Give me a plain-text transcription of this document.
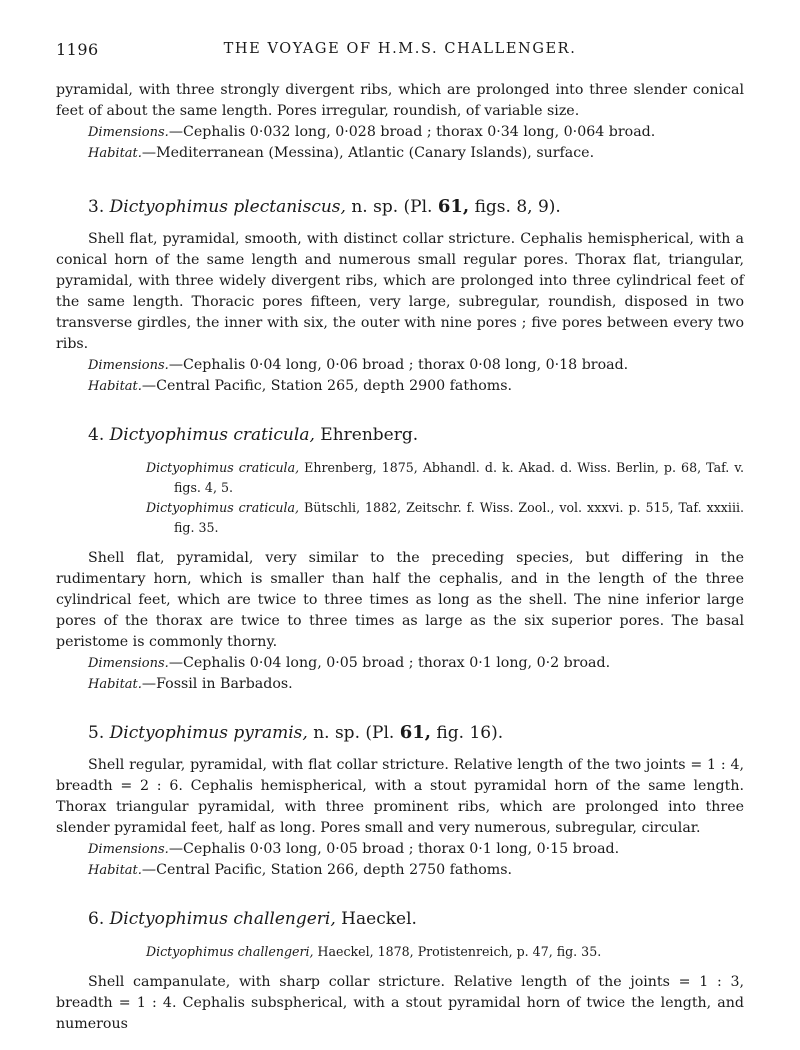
1196	THE VOYAGE OF H.M.S. CHALLENGER.

pyramidal, with three strongly divergent ribs, which are prolonged into three slender conical feet of about the same length. Pores irregular, roundish, of variable size.

Dimensions.—Cephalis 0·032 long, 0·028 broad ; thorax 0·34 long, 0·064 broad.

Habitat.—Mediterranean (Messina), Atlantic (Canary Islands), surface.

3. Dictyophimus plectaniscus, n. sp. (Pl. 61, figs. 8, 9).

Shell flat, pyramidal, smooth, with distinct collar stricture. Cephalis hemispherical, with a conical horn of the same length and numerous small regular pores. Thorax flat, triangular, pyramidal, with three widely divergent ribs, which are prolonged into three cylindrical feet of the same length. Thoracic pores fifteen, very large, subregular, roundish, disposed in two transverse girdles, the inner with six, the outer with nine pores ; five pores between every two ribs.

Dimensions.—Cephalis 0·04 long, 0·06 broad ; thorax 0·08 long, 0·18 broad.

Habitat.—Central Pacific, Station 265, depth 2900 fathoms.

4. Dictyophimus craticula, Ehrenberg.

Dictyophimus craticula, Ehrenberg, 1875, Abhandl. d. k. Akad. d. Wiss. Berlin, p. 68, Taf. v. figs. 4, 5.

Dictyophimus craticula, Bütschli, 1882, Zeitschr. f. Wiss. Zool., vol. xxxvi. p. 515, Taf. xxxiii. fig. 35.

Shell flat, pyramidal, very similar to the preceding species, but differing in the rudimentary horn, which is smaller than half the cephalis, and in the length of the three cylindrical feet, which are twice to three times as long as the shell. The nine inferior large pores of the thorax are twice to three times as large as the six superior pores. The basal peristome is commonly thorny.

Dimensions.—Cephalis 0·04 long, 0·05 broad ; thorax 0·1 long, 0·2 broad.

Habitat.—Fossil in Barbados.

5. Dictyophimus pyramis, n. sp. (Pl. 61, fig. 16).

Shell regular, pyramidal, with flat collar stricture. Relative length of the two joints = 1 : 4, breadth = 2 : 6. Cephalis hemispherical, with a stout pyramidal horn of the same length. Thorax triangular pyramidal, with three prominent ribs, which are prolonged into three slender pyramidal feet, half as long. Pores small and very numerous, subregular, circular.

Dimensions.—Cephalis 0·03 long, 0·05 broad ; thorax 0·1 long, 0·15 broad.

Habitat.—Central Pacific, Station 266, depth 2750 fathoms.

6. Dictyophimus challengeri, Haeckel.

Dictyophimus challengeri, Haeckel, 1878, Protistenreich, p. 47, fig. 35.

Shell campanulate, with sharp collar stricture. Relative length of the joints = 1 : 3, breadth = 1 : 4. Cephalis subspherical, with a stout pyramidal horn of twice the length, and numerous
